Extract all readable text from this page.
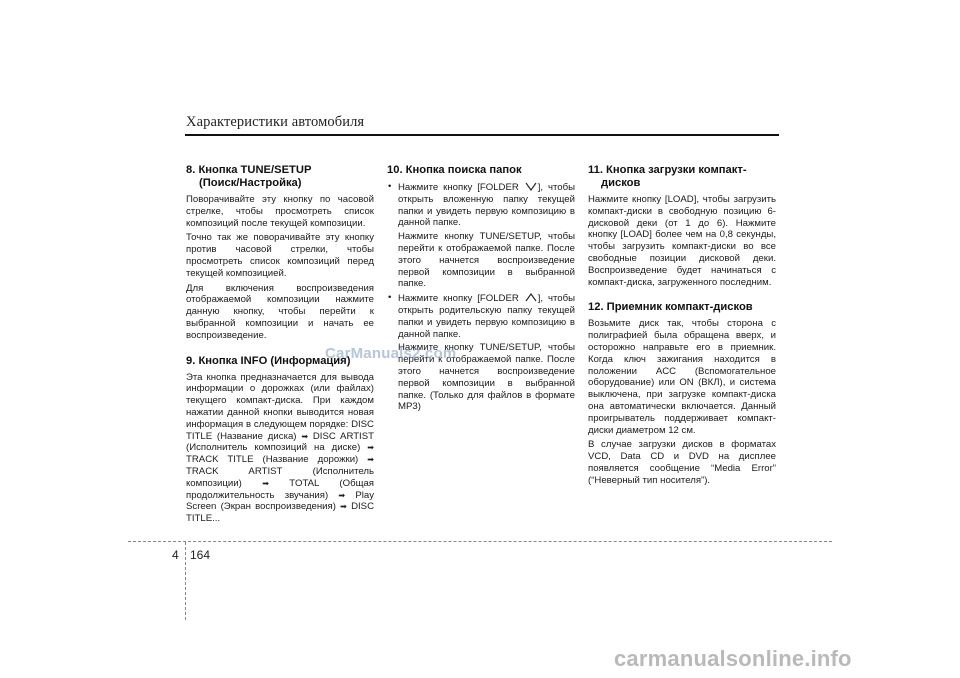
Характеристики автомобиля
8. Кнопка TUNE/SETUP
(Поиск/Настройка)

Поворачивайте эту кнопку по часовой стрелке, чтобы просмотреть список композиций после текущей композиции.

Точно так же поворачивайте эту кнопку против часовой стрелки, чтобы просмотреть список композиций перед текущей композицией.

Для включения воспроизведения отображаемой композиции нажмите данную кнопку, чтобы перейти к выбранной композиции и начать ее воспроизведение.

9. Кнопка INFO (Информация)

Эта кнопка предназначается для вывода информации о дорожках (или файлах) текущего компакт-диска. При каждом нажатии данной кнопки выводится новая информация в следующем порядке: DISC TITLE (Название диска) ➡ DISC ARTIST (Исполнитель композиций на диске) ➡ TRACK TITLE (Название дорожки) ➡ TRACK ARTIST (Исполнитель композиции)	➡ TOTAL (Общая продолжительность звучания) ➡ Play Screen (Экран воспроизведения) ➡ DISC TITLE...

10. Кнопка поиска папок
• Нажмите кнопку [FOLDER ], чтобы открыть вложенную папку текущей папки и увидеть первую композицию в данной папке.
Нажмите кнопку TUNE/SETUP, чтобы перейти к отображаемой папке. После этого начнется воспроизведение первой композиции в выбранной папке.
• Нажмите кнопку [FOLDER ], чтобы открыть родительскую папку текущей папки и увидеть первую композицию в данной папке.
Нажмите кнопку TUNE/SETUP, чтобы перейти к отображаемой папке. После этого начнется воспроизведение первой композиции в выбранной папке. (Только для файлов в формате MP3)
11. Кнопка загрузки компакт-
дисков

Нажмите кнопку [LOAD], чтобы загрузить компакт-диски в свободную позицию 6-дисковой деки (от 1 до 6). Нажмите кнопку [LOAD] более чем на 0,8 секунды, чтобы загрузить компакт-диски во все свободные позиции дисковой деки. Воспроизведение будет начинаться с компакт-диска, загруженного последним.

12. Приемник компакт-дисков

Возьмите диск так, чтобы сторона с полиграфией была обращена вверх, и осторожно направьте его в приемник. Когда ключ зажигания находится в положении ACC (Вспомогательное оборудование) или ON (ВКЛ), и система выключена, при загрузке компакт-диска она автоматически включается. Данный проигрыватель поддерживает компакт-диски диаметром 12 см.

В случае загрузки дисков в форматах VCD, Data CD и DVD на дисплее появляется сообщение “Media Error” (“Неверный тип носителя”).

CarManuals2.com
4 164
carmanualsonline.info
